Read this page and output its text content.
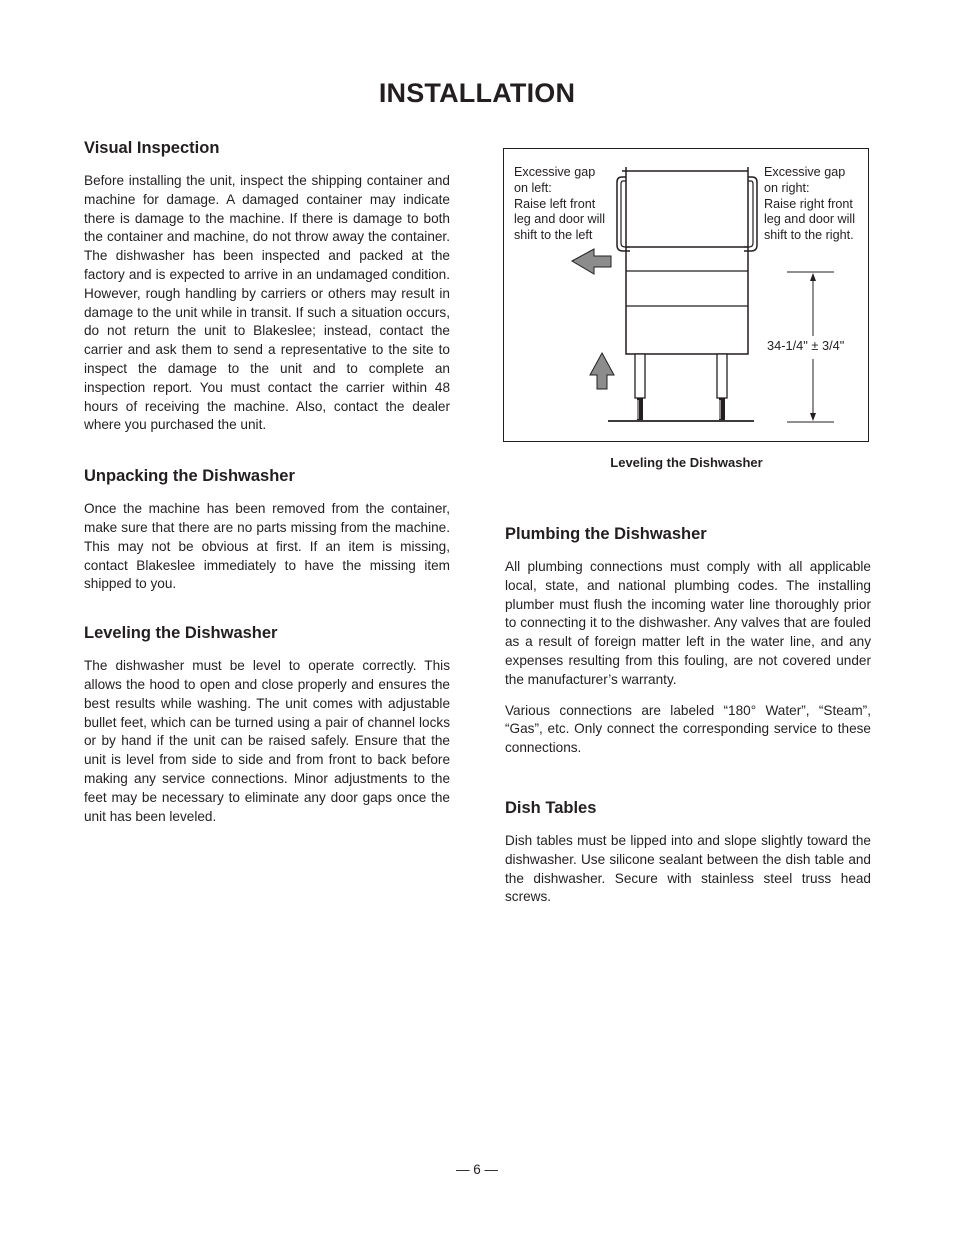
INSTALLATION
Visual Inspection

Before installing the unit, inspect the shipping container and machine for damage. A damaged container may indicate there is damage to the machine. If there is damage to both the container and machine, do not throw away the container. The dishwasher has been inspected and packed at the factory and is expected to arrive in an undamaged condition. However, rough handling by carriers or others may result in damage to the unit while in transit. If such a situation occurs, do not return the unit to Blakeslee; instead, contact the carrier and ask them to send a representative to the site to inspect the damage to the unit and to complete an inspection report. You must contact the carrier within 48 hours of receiving the machine. Also, contact the dealer where you purchased the unit.

Unpacking the Dishwasher

Once the machine has been removed from the container, make sure that there are no parts missing from the machine. This may not be obvious at first. If an item is missing, contact Blakeslee immediately to have the missing item shipped to you.

Leveling the Dishwasher

The dishwasher must be level to operate correctly. This allows the hood to open and close properly and ensures the best results while washing. The unit comes with adjustable bullet feet, which can be turned using a pair of channel locks or by hand if the unit can be raised safely. Ensure that the unit is level from side to side and from front to back before making any service connections. Minor adjustments to the feet may be necessary to eliminate any door gaps once the unit has been leveled.

Excessive gap
on left:
Raise left front
leg and door will
shift to the left
Excessive gap
on right:
Raise right front
leg and door will
shift to the right.
34-1/4" ± 3/4"
Leveling the Dishwasher
Plumbing the Dishwasher

All plumbing connections must comply with all applicable local, state, and national plumbing codes. The installing plumber must flush the incoming water line thoroughly prior to connecting it to the dishwasher. Any valves that are fouled as a result of foreign matter left in the water line, and any expenses resulting from this fouling, are not covered under the manufacturer’s warranty.

Various connections are labeled “180° Water”, “Steam”, “Gas”, etc. Only connect the corresponding service to these connections.

Dish Tables

Dish tables must be lipped into and slope slightly toward the dishwasher. Use silicone sealant between the dish table and the dishwasher. Secure with stainless steel truss head screws.

— 6 —
